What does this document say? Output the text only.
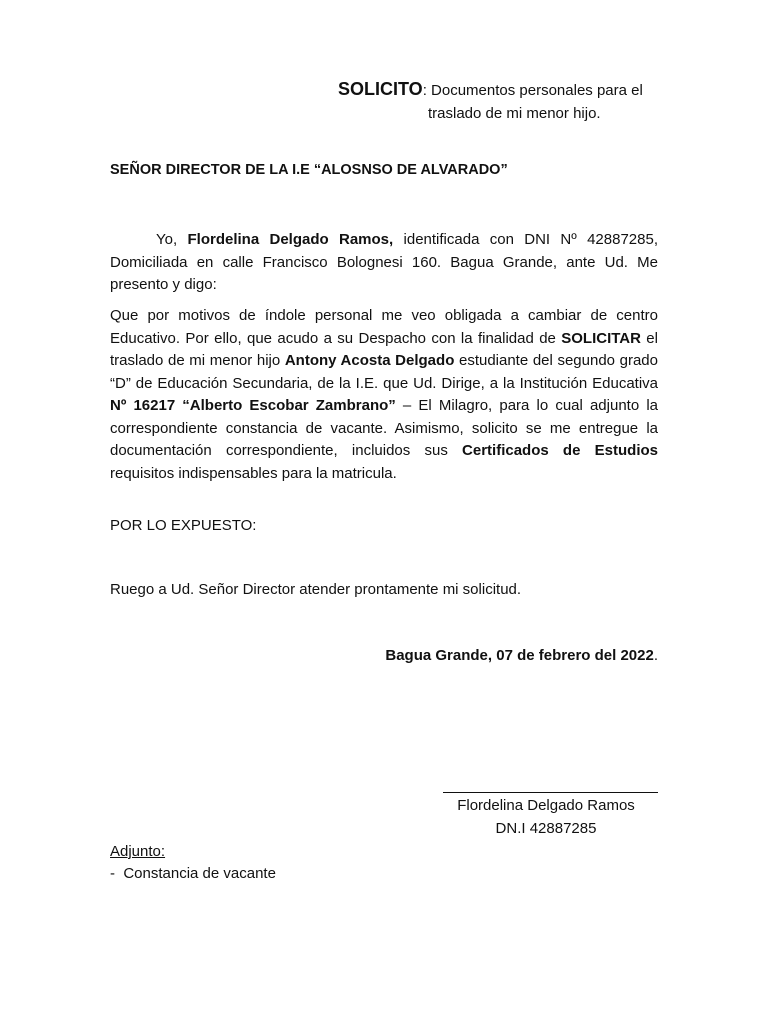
SOLICITO: Documentos personales para el
traslado de mi menor hijo.
SEÑOR DIRECTOR DE LA I.E “ALOSNSO DE ALVARADO”
Yo, Flordelina Delgado Ramos, identificada con DNI Nº 42887285, Domiciliada en calle Francisco Bolognesi 160. Bagua Grande, ante Ud. Me presento y digo:
Que por motivos de índole personal me veo obligada a cambiar de centro Educativo. Por ello, que acudo a su Despacho con la finalidad de SOLICITAR el traslado de mi menor hijo Antony Acosta Delgado estudiante del segundo grado “D” de Educación Secundaria, de la I.E. que Ud. Dirige, a la Institución Educativa Nº 16217 “Alberto Escobar Zambrano” – El Milagro, para lo cual adjunto la correspondiente constancia de vacante. Asimismo, solicito se me entregue la documentación correspondiente, incluidos sus Certificados de Estudios requisitos indispensables para la matricula.
POR LO EXPUESTO:
Ruego a Ud. Señor Director atender prontamente mi solicitud.
Bagua Grande, 07 de febrero del 2022.
Flordelina Delgado Ramos
DN.I 42887285
Adjunto:
-  Constancia de vacante
